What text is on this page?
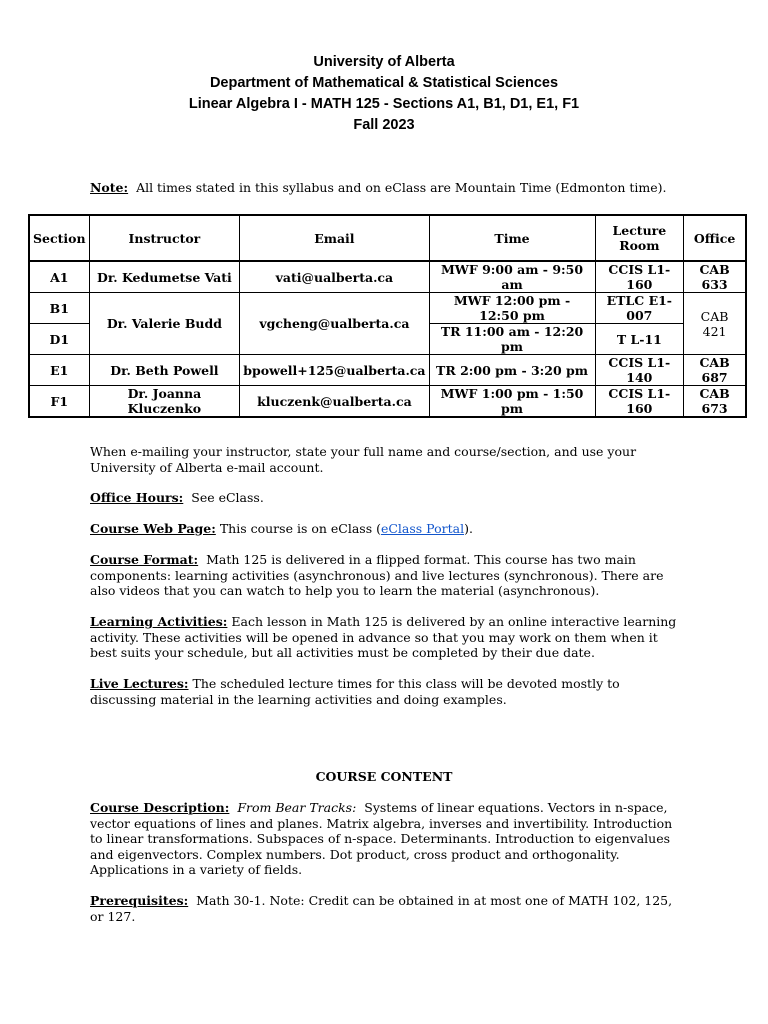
University of Alberta
Department of Mathematical & Statistical Sciences
Linear Algebra I - MATH 125 - Sections A1, B1, D1, E1, F1
Fall 2023
Note: All times stated in this syllabus and on eClass are Mountain Time (Edmonton time).
Section	Instructor	Email	Time	Lecture Room	Office
A1	Dr. Kedumetse Vati	vati@ualberta.ca	MWF 9:00 am - 9:50 am	CCIS L1-160	CAB 633
B1	Dr. Valerie Budd	vgcheng@ualberta.ca	MWF 12:00 pm - 12:50 pm	ETLC E1-007	CAB 421
D1			TR 11:00 am - 12:20 pm	T L-11	
E1	Dr. Beth Powell	bpowell+125@ualberta.ca	TR 2:00 pm - 3:20 pm	CCIS L1-140	CAB 687
F1	Dr. Joanna Kluczenko	kluczenk@ualberta.ca	MWF 1:00 pm - 1:50 pm	CCIS L1-160	CAB 673
When e-mailing your instructor, state your full name and course/section, and use your University of Alberta e-mail account.
Office Hours: See eClass.
Course Web Page: This course is on eClass (eClass Portal).
Course Format: Math 125 is delivered in a flipped format. This course has two main components: learning activities (asynchronous) and live lectures (synchronous). There are also videos that you can watch to help you to learn the material (asynchronous).
Learning Activities: Each lesson in Math 125 is delivered by an online interactive learning activity. These activities will be opened in advance so that you may work on them when it best suits your schedule, but all activities must be completed by their due date.
Live Lectures: The scheduled lecture times for this class will be devoted mostly to discussing material in the learning activities and doing examples.
COURSE CONTENT
Course Description: From Bear Tracks: Systems of linear equations. Vectors in n-space, vector equations of lines and planes. Matrix algebra, inverses and invertibility. Introduction to linear transformations. Subspaces of n-space. Determinants. Introduction to eigenvalues and eigenvectors. Complex numbers. Dot product, cross product and orthogonality. Applications in a variety of fields.
Prerequisites: Math 30-1. Note: Credit can be obtained in at most one of MATH 102, 125, or 127.
